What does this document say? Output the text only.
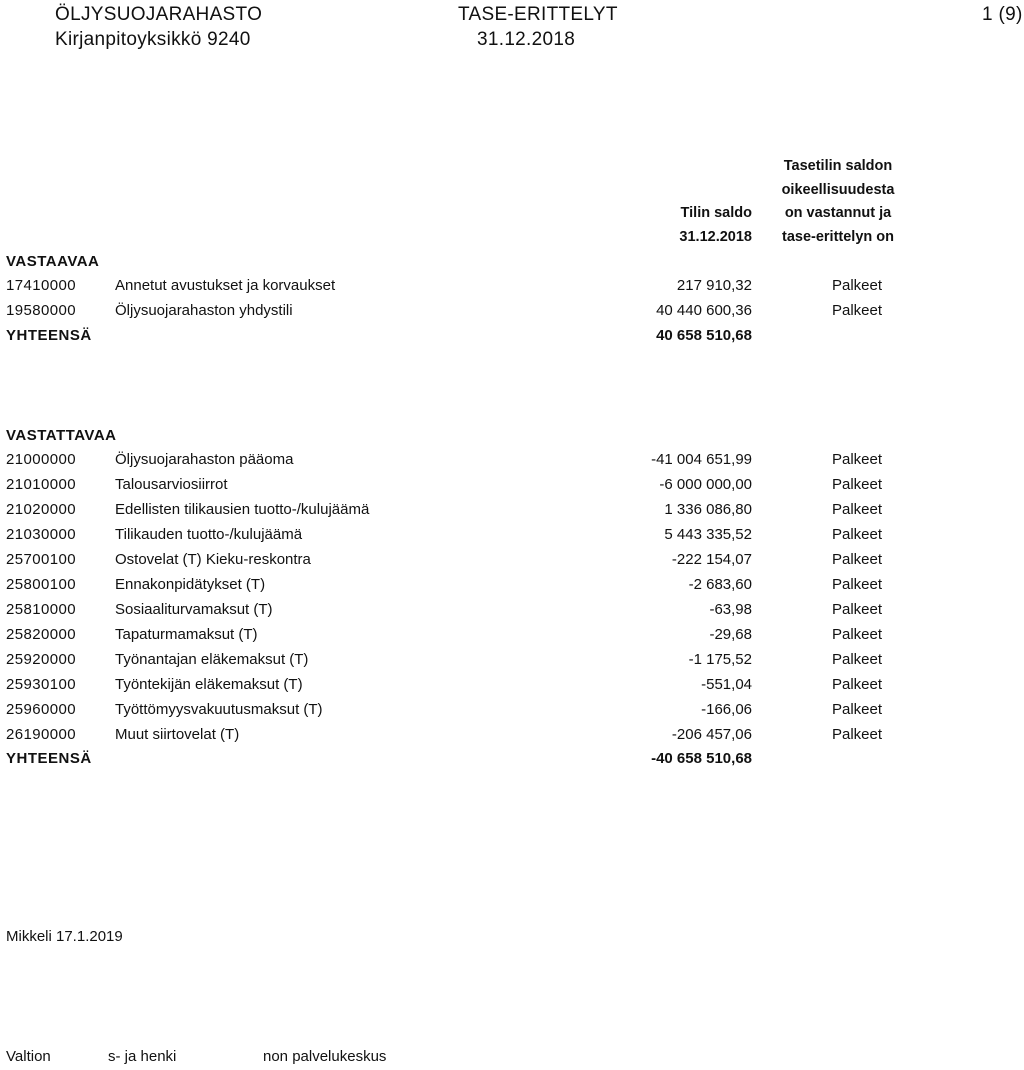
ÖLJYSUOJARAHASTO
Kirjanpitoyksikkö 9240
TASE-ERITTELYT
31.12.2018
1 (9)
Tilin saldo
31.12.2018
Tasetilin saldon
oikeellisuudesta
on vastannut ja
tase-erittelyn on
VASTAAVAA
17410000	Annetut avustukset ja korvaukset	217 910,32	Palkeet
19580000	Öljysuojarahaston yhdystili	40 440 600,36	Palkeet
YHTEENSÄ	40 658 510,68
VASTATTAVAA
21000000	Öljysuojarahaston pääoma	-41 004 651,99	Palkeet
21010000	Talousarviosiirrot	-6 000 000,00	Palkeet
21020000	Edellisten tilikausien tuotto-/kulujäämä	1 336 086,80	Palkeet
21030000	Tilikauden tuotto-/kulujäämä	5 443 335,52	Palkeet
25700100	Ostovelat (T) Kieku-reskontra	-222 154,07	Palkeet
25800100	Ennakonpidätykset (T)	-2 683,60	Palkeet
25810000	Sosiaaliturvamaksut (T)	-63,98	Palkeet
25820000	Tapaturmamaksut (T)	-29,68	Palkeet
25920000	Työnantajan eläkemaksut (T)	-1 175,52	Palkeet
25930100	Työntekijän eläkemaksut (T)	-551,04	Palkeet
25960000	Työttömyysvakuutusmaksut (T)	-166,06	Palkeet
26190000	Muut siirtovelat (T)	-206 457,06	Palkeet
YHTEENSÄ	-40 658 510,68
Mikkeli 17.1.2019
Valtion	s- ja henki	non palvelukeskus
